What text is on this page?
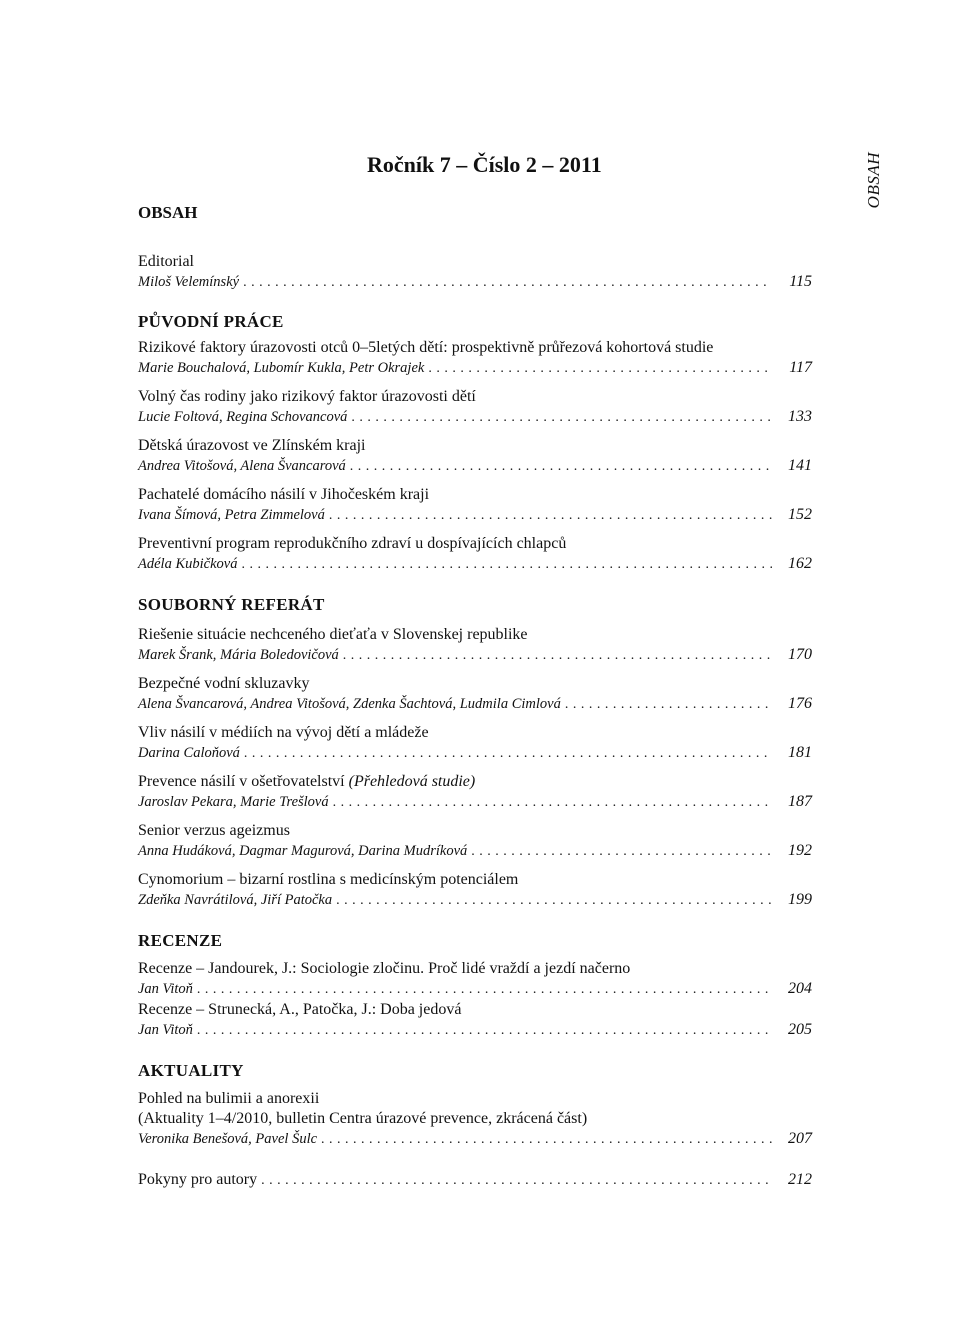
OBSAH
Ročník 7 – Číslo 2 – 2011
OBSAH
Editorial
Miloš Velemínský . . .	115
PŮVODNÍ PRÁCE
Rizikové faktory úrazovosti otců 0–5letých dětí: prospektivně průřezová kohortová studie
Marie Bouchalová, Lubomír Kukla, Petr Okrajek . . .	117
Volný čas rodiny jako rizikový faktor úrazovosti dětí
Lucie Foltová, Regina Schovancová . . .	133
Dětská úrazovost ve Zlínském kraji
Andrea Vitošová, Alena Švancarová . . .	141
Pachatelé domácího násilí v Jihočeském kraji
Ivana Šímová, Petra Zimmelová . . .	152
Preventivní program reprodukčního zdraví u dospívajících chlapců
Adéla Kubičková . . .	162
SOUBORNÝ REFERÁT
Riešenie situácie nechceného dieťaťa v Slovenskej republike
Marek Šrank, Mária Boledovičová . . .	170
Bezpečné vodní skluzavky
Alena Švancarová, Andrea Vitošová, Zdenka Šachtová, Ludmila Cimlová . . .	176
Vliv násilí v médiích na vývoj dětí a mládeže
Darina Caloňová . . .	181
Prevence násilí v ošetřovatelství (Přehledová studie)
Jaroslav Pekara, Marie Trešlová . . .	187
Senior verzus ageizmus
Anna Hudáková, Dagmar Magurová, Darina Mudríková . . .	192
Cynomorium – bizarní rostlina s medicínským potenciálem
Zdeňka Navrátilová, Jiří Patočka . . .	199
RECENZE
Recenze – Jandourek, J.: Sociologie zločinu. Proč lidé vraždí a jezdí načerno
Jan Vitoň . . .	204
Recenze – Strunecká, A., Patočka, J.: Doba jedová
Jan Vitoň . . .	205
AKTUALITY
Pohled na bulimii a anorexii
(Aktuality 1–4/2010, bulletin Centra úrazové prevence, zkrácená část)
Veronika Benešová, Pavel Šulc . . .	207
Pokyny pro autory . . .	212
